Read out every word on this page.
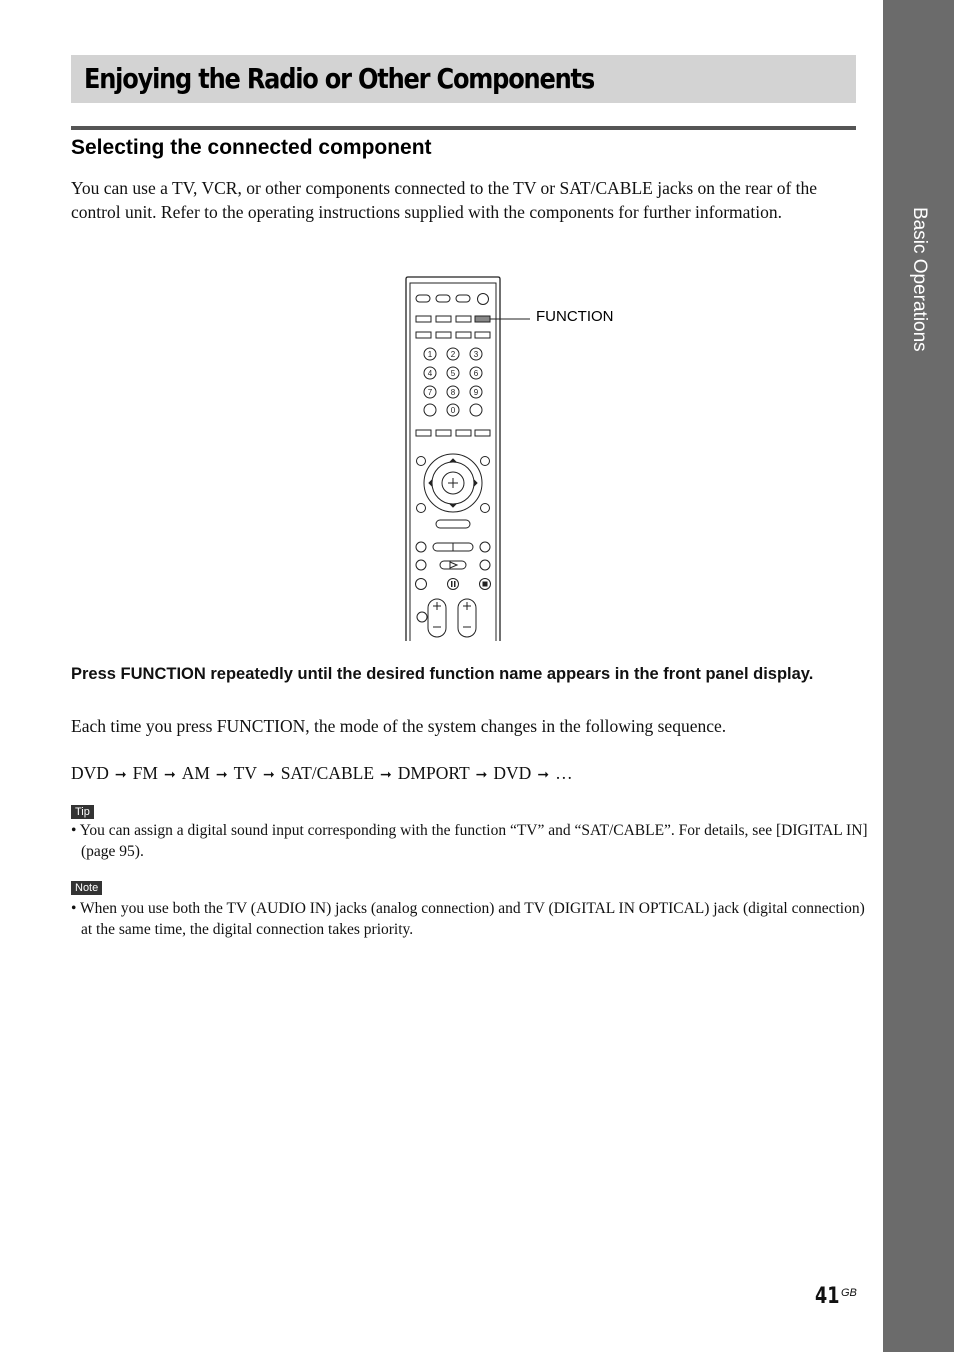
Basic Operations
Enjoying the Radio or Other Components
Selecting the connected component

You can use a TV, VCR, or other components connected to the TV or SAT/CABLE jacks on the rear of the control unit. Refer to the operating instructions supplied with the components for further information.

1 2 3
4 5 6
7 8 9
0
FUNCTION

Press FUNCTION repeatedly until the desired function name appears in the front panel display.

Each time you press FUNCTION, the mode of the system changes in the following sequence.

DVD ➞ FM ➞ AM ➞ TV ➞ SAT/CABLE ➞ DMPORT ➞ DVD ➞ …

Tip

• You can assign a digital sound input corresponding with the function “TV” and “SAT/CABLE”. For details, see [DIGITAL IN] (page 95).

Note

• When you use both the TV (AUDIO IN) jacks (analog connection) and TV (DIGITAL IN OPTICAL) jack (digital connection) at the same time, the digital connection takes priority.

41 GB
